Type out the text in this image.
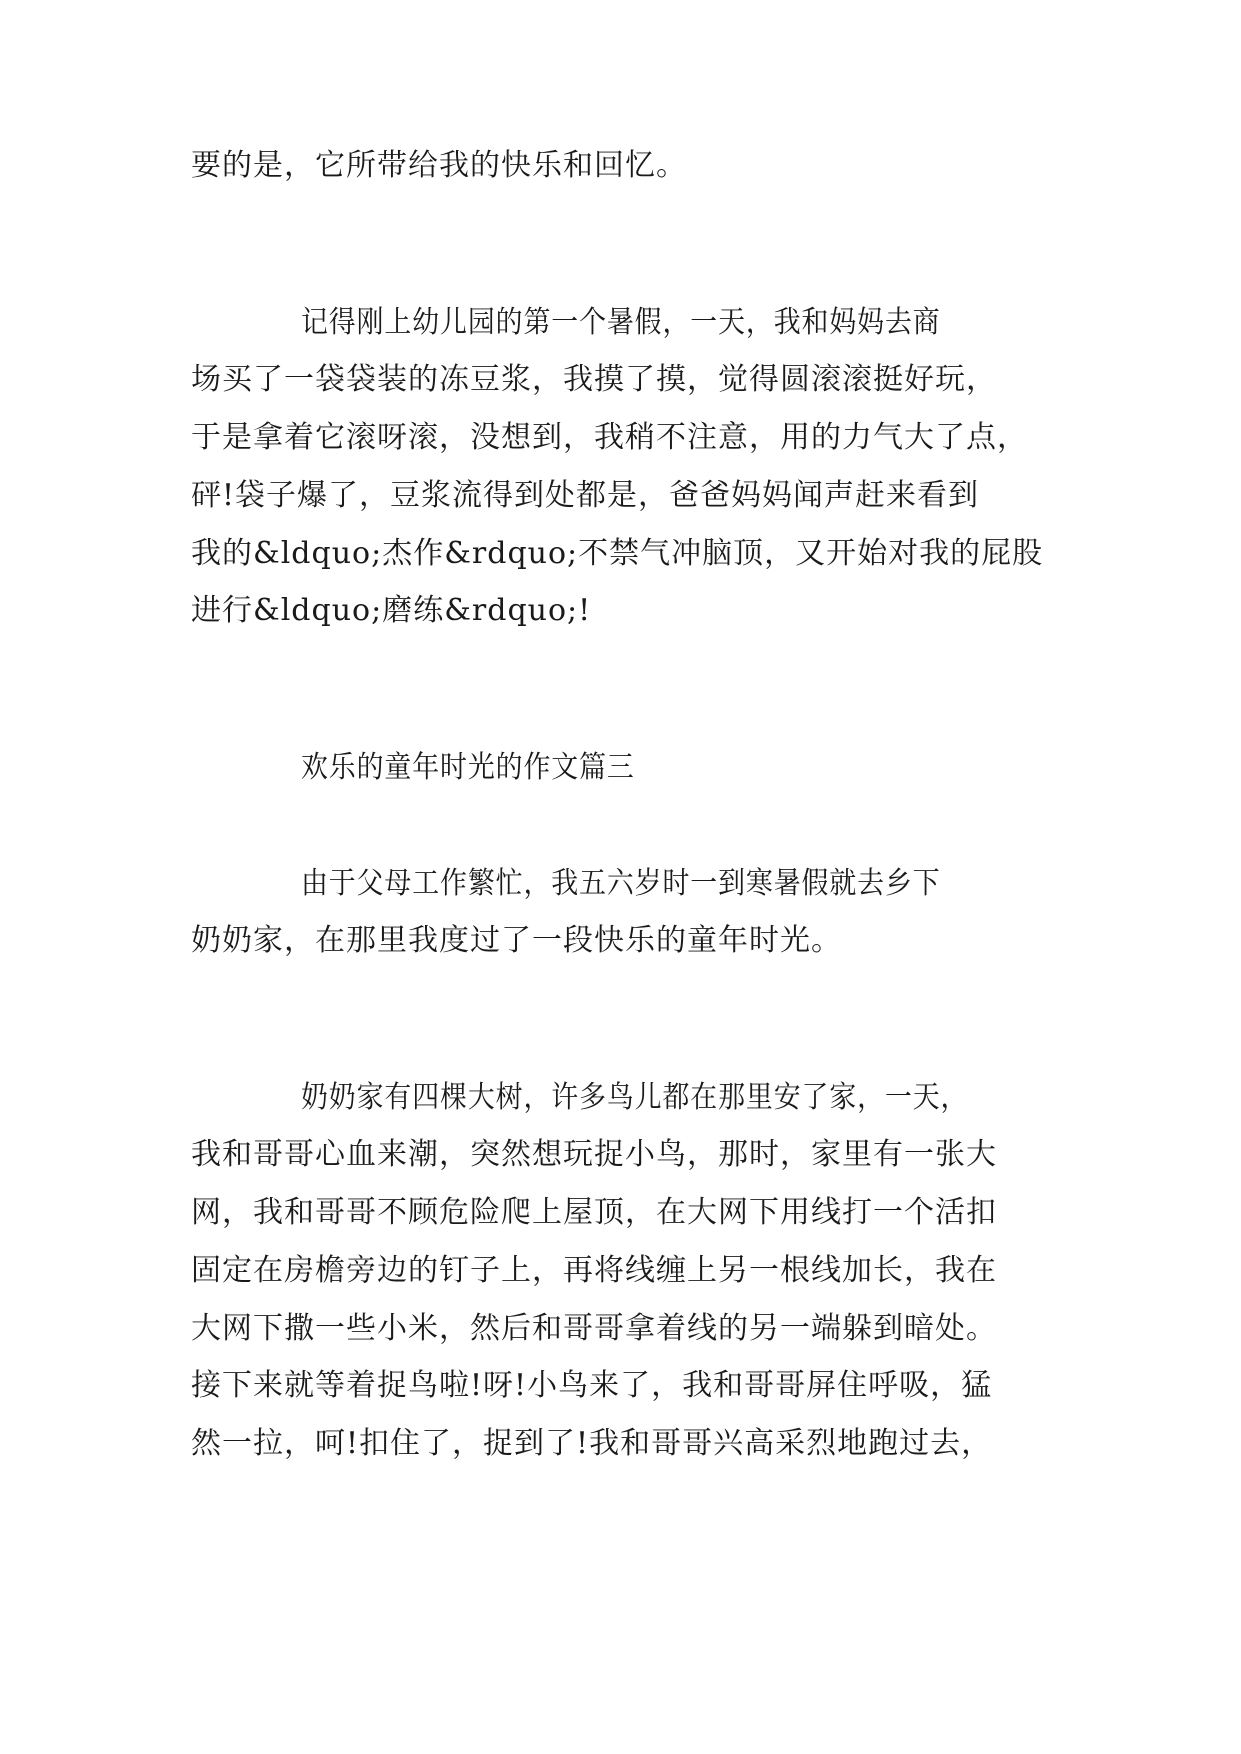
要的是，它所带给我的快乐和回忆。
记得刚上幼儿园的第一个暑假，一天，我和妈妈去商
场买了一袋袋装的冻豆浆，我摸了摸，觉得圆滚滚挺好玩，
于是拿着它滚呀滚，没想到，我稍不注意，用的力气大了点，
砰!袋子爆了，豆浆流得到处都是，爸爸妈妈闻声赶来看到
我的&ldquo;杰作&rdquo;不禁气冲脑顶，又开始对我的屁股
进行&ldquo;磨练&rdquo;!
欢乐的童年时光的作文篇三
由于父母工作繁忙，我五六岁时一到寒暑假就去乡下
奶奶家，在那里我度过了一段快乐的童年时光。
奶奶家有四棵大树，许多鸟儿都在那里安了家，一天，
我和哥哥心血来潮，突然想玩捉小鸟，那时，家里有一张大
网，我和哥哥不顾危险爬上屋顶，在大网下用线打一个活扣
固定在房檐旁边的钉子上，再将线缠上另一根线加长，我在
大网下撒一些小米，然后和哥哥拿着线的另一端躲到暗处。
接下来就等着捉鸟啦!呀!小鸟来了，我和哥哥屏住呼吸，猛
然一拉，呵!扣住了，捉到了!我和哥哥兴高采烈地跑过去，
